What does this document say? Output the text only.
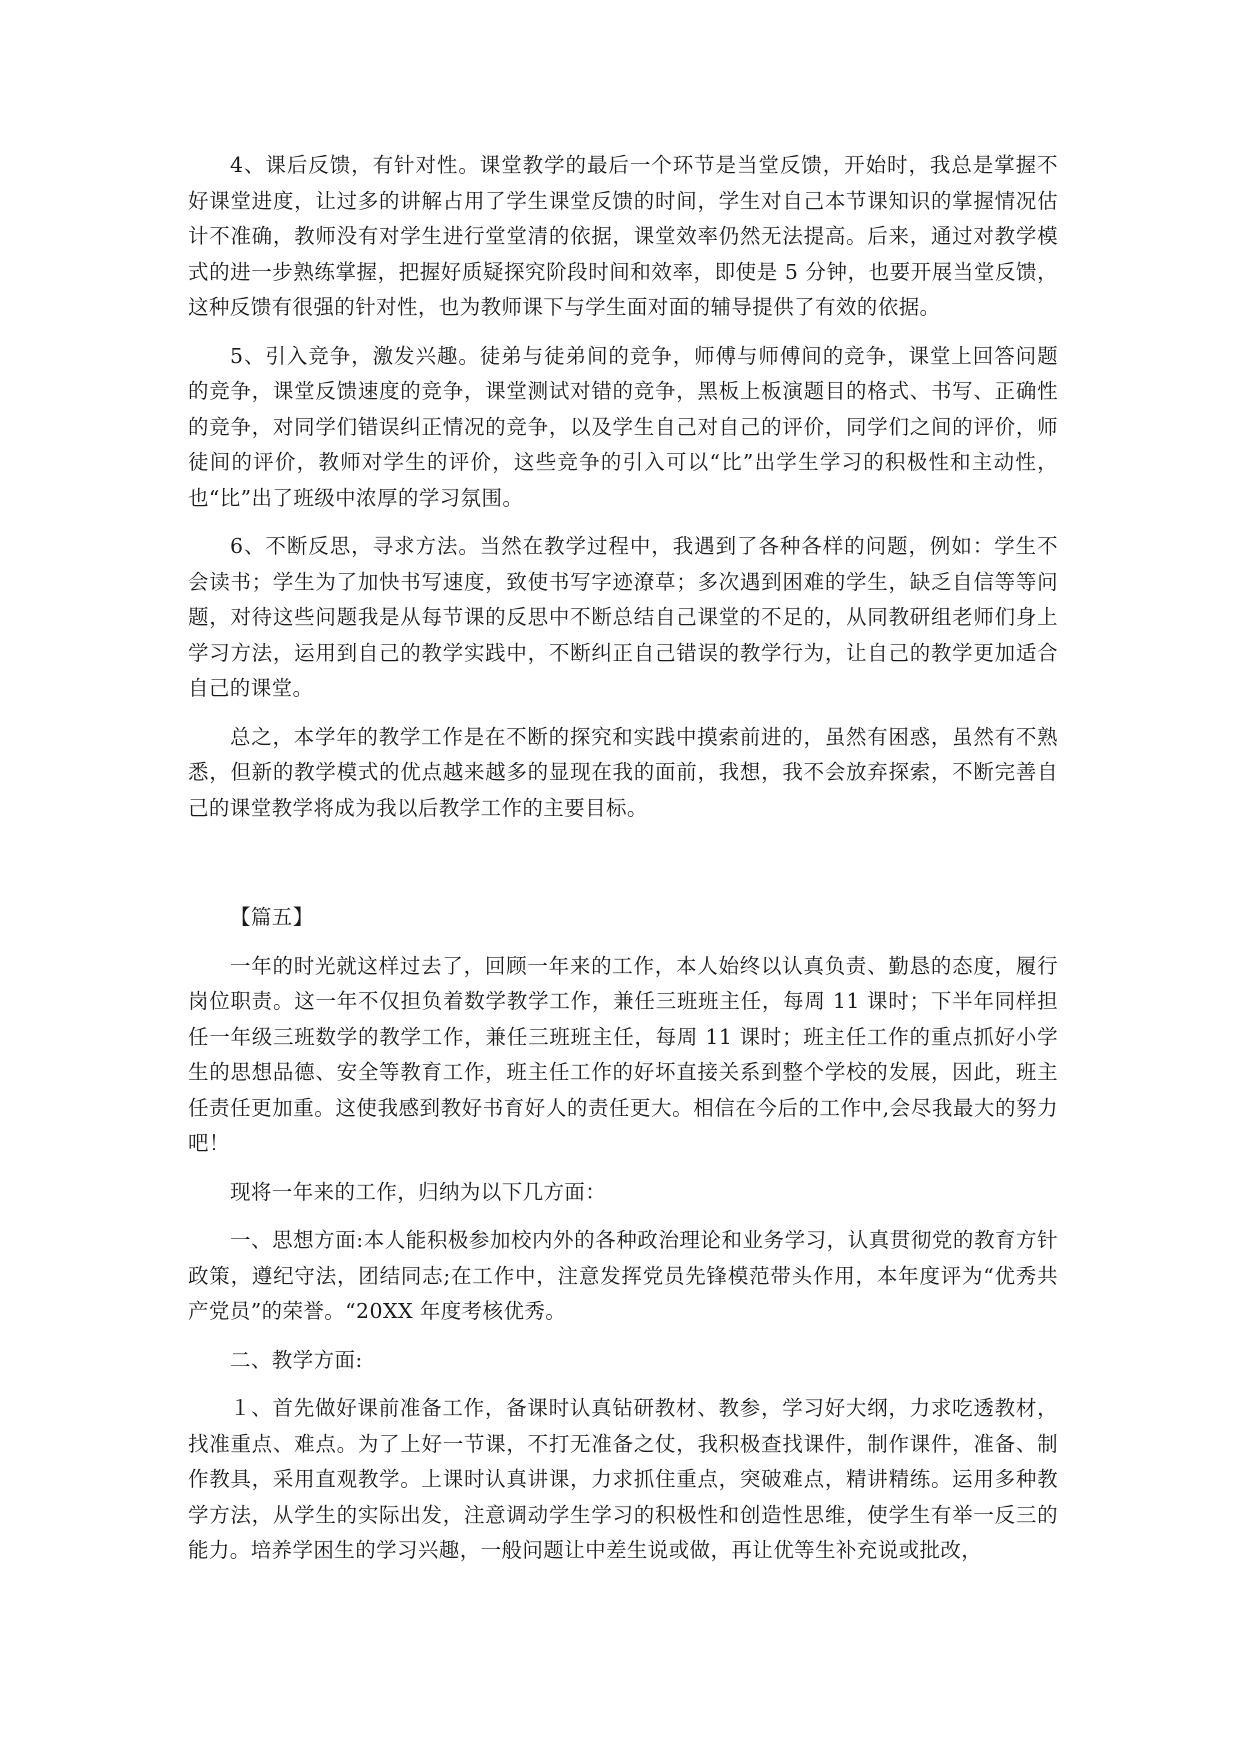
4、课后反馈，有针对性。课堂教学的最后一个环节是当堂反馈，开始时，我总是掌握不好课堂进度，让过多的讲解占用了学生课堂反馈的时间，学生对自己本节课知识的掌握情况估计不准确，教师没有对学生进行堂堂清的依据，课堂效率仍然无法提高。后来，通过对教学模式的进一步熟练掌握，把握好质疑探究阶段时间和效率，即使是 5 分钟，也要开展当堂反馈，这种反馈有很强的针对性，也为教师课下与学生面对面的辅导提供了有效的依据。

5、引入竞争，激发兴趣。徒弟与徒弟间的竞争，师傅与师傅间的竞争，课堂上回答问题的竞争，课堂反馈速度的竞争，课堂测试对错的竞争，黑板上板演题目的格式、书写、正确性的竞争，对同学们错误纠正情况的竞争，以及学生自己对自己的评价，同学们之间的评价，师徒间的评价，教师对学生的评价，这些竞争的引入可以“比”出学生学习的积极性和主动性，也“比”出了班级中浓厚的学习氛围。

6、不断反思，寻求方法。当然在教学过程中，我遇到了各种各样的问题，例如：学生不会读书；学生为了加快书写速度，致使书写字迹潦草；多次遇到困难的学生，缺乏自信等等问题，对待这些问题我是从每节课的反思中不断总结自己课堂的不足的，从同教研组老师们身上学习方法，运用到自己的教学实践中，不断纠正自己错误的教学行为，让自己的教学更加适合自己的课堂。

总之，本学年的教学工作是在不断的探究和实践中摸索前进的，虽然有困惑，虽然有不熟悉，但新的教学模式的优点越来越多的显现在我的面前，我想，我不会放弃探索，不断完善自己的课堂教学将成为我以后教学工作的主要目标。

【篇五】

一年的时光就这样过去了，回顾一年来的工作，本人始终以认真负责、勤恳的态度，履行岗位职责。这一年不仅担负着数学教学工作，兼任三班班主任，每周 11 课时；下半年同样担任一年级三班数学的教学工作，兼任三班班主任，每周 11 课时；班主任工作的重点抓好小学生的思想品德、安全等教育工作，班主任工作的好坏直接关系到整个学校的发展，因此，班主任责任更加重。这使我感到教好书育好人的责任更大。相信在今后的工作中,会尽我最大的努力吧！

现将一年来的工作，归纳为以下几方面：

一、思想方面:本人能积极参加校内外的各种政治理论和业务学习，认真贯彻党的教育方针政策，遵纪守法，团结同志;在工作中，注意发挥党员先锋模范带头作用，本年度评为“优秀共产党员”的荣誉。“20XX 年度考核优秀。

二、教学方面:

１、首先做好课前准备工作，备课时认真钻研教材、教参，学习好大纲，力求吃透教材，找准重点、难点。为了上好一节课，不打无准备之仗，我积极查找课件，制作课件，准备、制作教具，采用直观教学。上课时认真讲课，力求抓住重点，突破难点，精讲精练。运用多种教学方法，从学生的实际出发，注意调动学生学习的积极性和创造性思维，使学生有举一反三的能力。培养学困生的学习兴趣，一般问题让中差生说或做，再让优等生补充说或批改，
